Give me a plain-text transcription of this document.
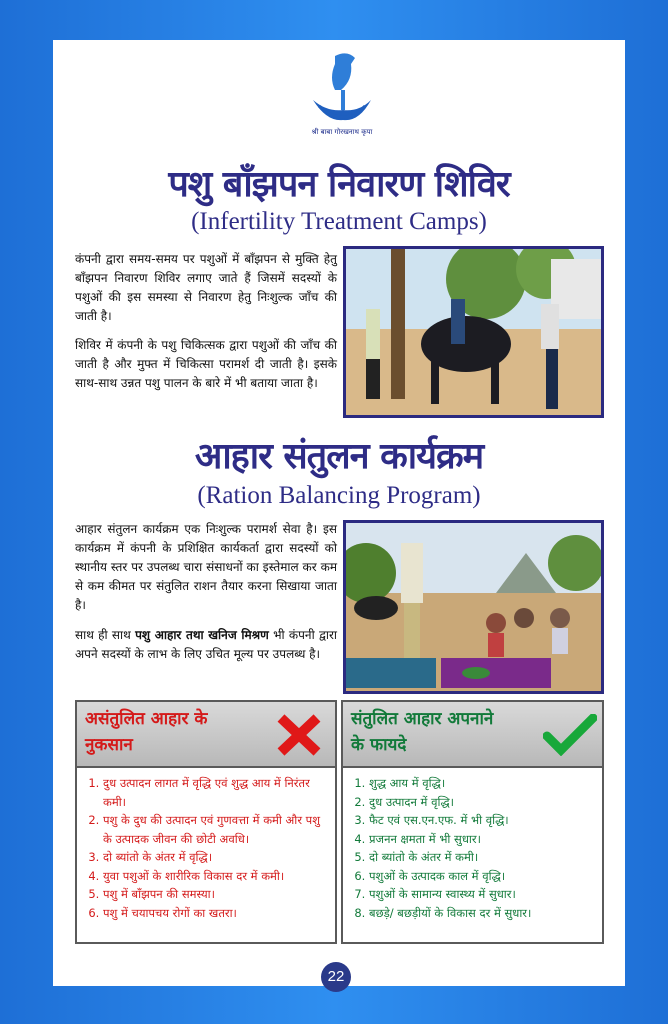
श्री बाबा गोरखनाथ कृपा
पशु बाँझपन निवारण शिविर
(Infertility Treatment Camps)

कंपनी द्वारा समय-समय पर पशुओं में बाँझपन से मुक्ति हेतु बाँझपन निवारण शिविर लगाए जाते हैं जिसमें सदस्यों के पशुओं की इस समस्या से निवारण हेतु निःशुल्क जाँच की जाती है।

शिविर में कंपनी के पशु चिकित्सक द्वारा पशुओं की जाँच की जाती है और मुफ्त में चिकित्सा परामर्श दी जाती है। इसके साथ-साथ उन्नत पशु पालन के बारे में भी बताया जाता है।

आहार संतुलन कार्यक्रम
(Ration Balancing Program)

आहार संतुलन कार्यक्रम एक निःशुल्क परामर्श सेवा है। इस कार्यक्रम में कंपनी के प्रशिक्षित कार्यकर्ता द्वारा सदस्यों को स्थानीय स्तर पर उपलब्ध चारा संसाधनों का इस्तेमाल कर कम से कम कीमत पर संतुलित राशन तैयार करना सिखाया जाता है।

साथ ही साथ पशु आहार तथा खनिज मिश्रण भी कंपनी द्वारा अपने सदस्यों के लाभ के लिए उचित मूल्य पर उपलब्ध है।

असंतुलित आहार के
नुकसान
1. दुध उत्पादन लागत में वृद्धि एवं शुद्ध आय में निरंतर कमी।
2. पशु के दुध की उत्पादन एवं गुणवत्ता में कमी और पशु के उत्पादक जीवन की छोटी अवधि।
3. दो ब्यांतो के अंतर में वृद्धि।
4. युवा पशुओं के शारीरिक विकास दर में कमी।
5. पशु में बाँझपन की समस्या।
6. पशु में चयापचय रोगों का खतरा।
संतुलित आहार अपनाने
के फायदे
1. शुद्ध आय में वृद्धि।
2. दुध उत्पादन में वृद्धि।
3. फैट एवं एस.एन.एफ. में भी वृद्धि।
4. प्रजनन क्षमता में भी सुधार।
5. दो ब्यांतो के अंतर में कमी।
6. पशुओं के उत्पादक काल में वृद्धि।
7. पशुओं के सामान्य स्वास्थ्य में सुधार।
8. बछड़े/ बछड़ीयों के विकास दर में सुधार।
22
